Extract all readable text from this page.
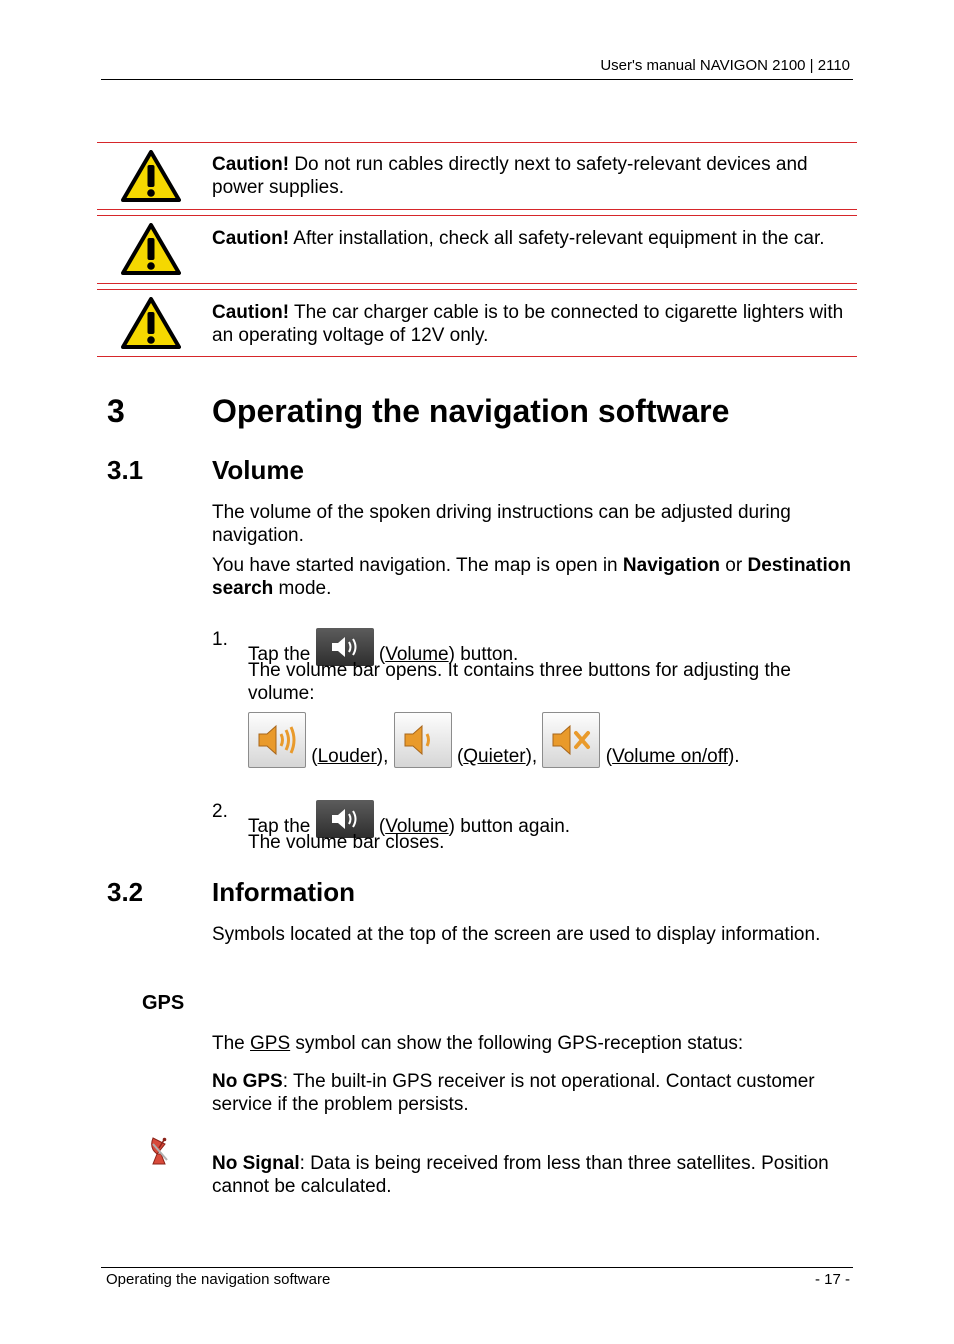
User's manual NAVIGON 2100 | 2110
Caution! Do not run cables directly next to safety-relevant devices and power supplies.
Caution! After installation, check all safety-relevant equipment in the car.
Caution! The car charger cable is to be connected to cigarette lighters with an operating voltage of 12V only.
3	Operating the navigation software
3.1	Volume
The volume of the spoken driving instructions can be adjusted during navigation.
You have started navigation. The map is open in Navigation or Destination search mode.
1.
Tap the	(Volume) button.
The volume bar opens. It contains three buttons for adjusting the volume:
(Louder),	(Quieter),	(Volume on/off).
2.
Tap the	(Volume) button again.
The volume bar closes.
3.2	Information
Symbols located at the top of the screen are used to display information.
GPS
The GPS symbol can show the following GPS-reception status:
No GPS: The built-in GPS receiver is not operational. Contact customer service if the problem persists.
No Signal: Data is being received from less than three satellites. Position cannot be calculated.
Operating the navigation software	- 17 -
